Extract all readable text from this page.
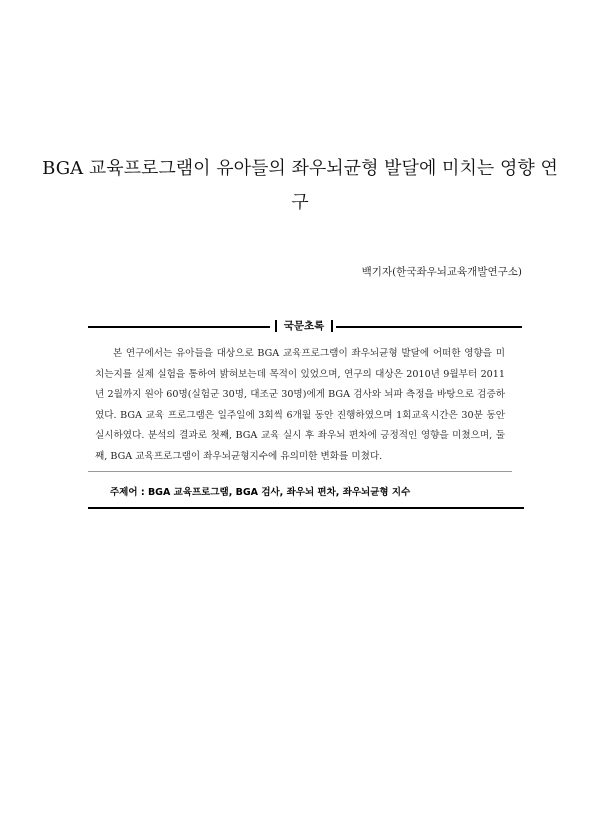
BGA 교육프로그램이 유아들의 좌우뇌균형 발달에 미치는 영향 연구
백기자(한국좌우뇌교육개발연구소)
국문초록

본 연구에서는 유아들을 대상으로 BGA 교육프로그램이 좌우뇌균형 발달에 어떠한 영향을 미치는지를 실제 실험을 통하여 밝혀보는데 목적이 있었으며, 연구의 대상은 2010년 9월부터 2011년 2월까지 원아 60명(실험군 30명, 대조군 30명)에게 BGA 검사와 뇌파 측정을 바탕으로 검증하였다. BGA 교육 프로그램은 일주일에 3회씩 6개월 동안 진행하였으며 1회교육시간은 30분 동안 실시하였다. 분석의 결과로 첫째, BGA 교육 실시 후 좌우뇌 편차에 긍정적인 영향을 미쳤으며, 둘째, BGA 교육프로그램이 좌우뇌균형지수에 유의미한 변화를 미쳤다.

주제어 : BGA 교육프로그램, BGA 검사, 좌우뇌 편차, 좌우뇌균형 지수
